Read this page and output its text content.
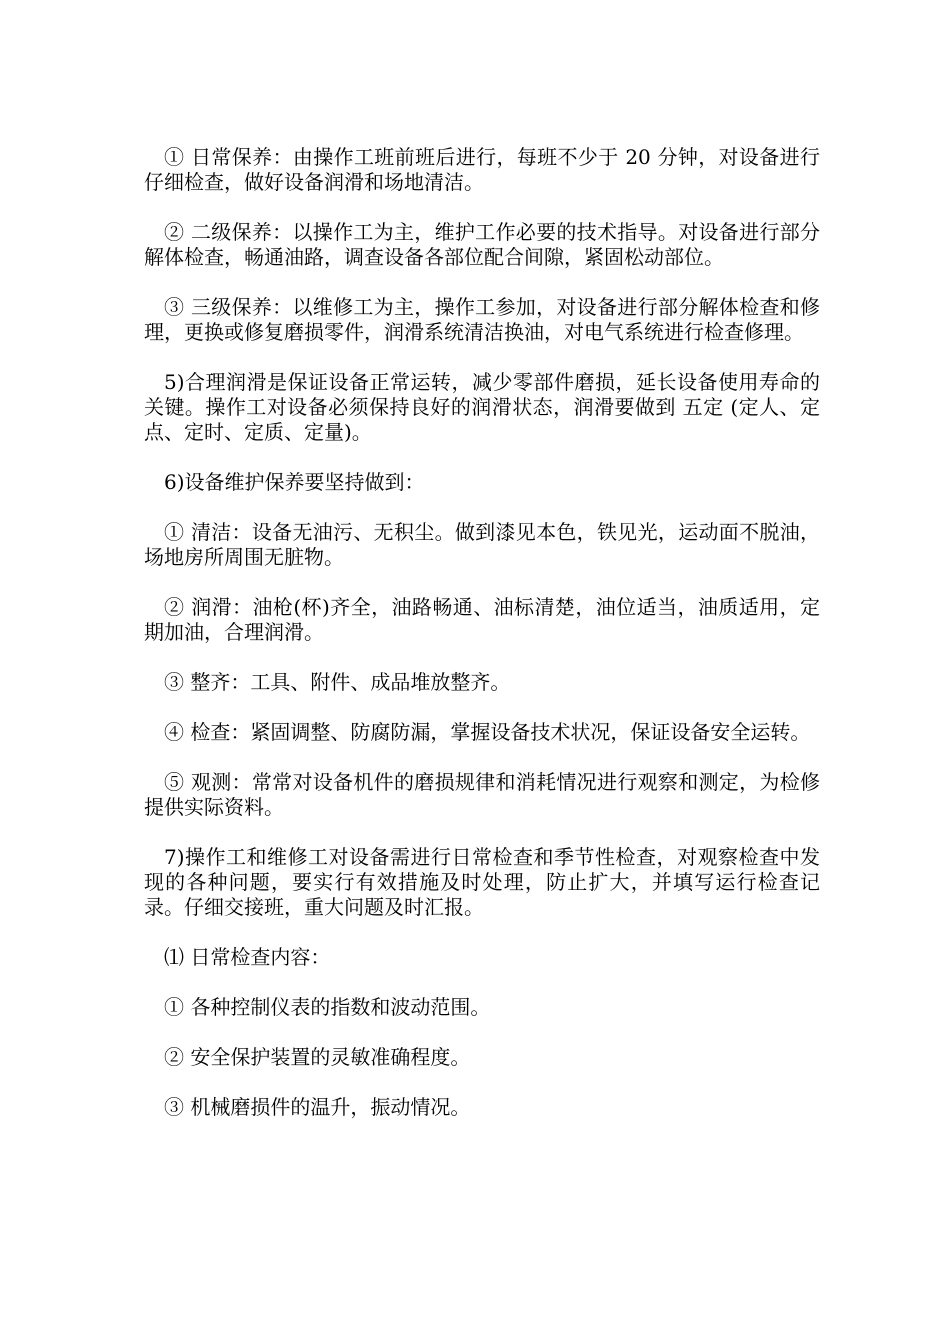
① 日常保养：由操作工班前班后进行，每班不少于 20 分钟，对设备进行仔细检查，做好设备润滑和场地清洁。

② 二级保养：以操作工为主，维护工作必要的技术指导。对设备进行部分解体检查，畅通油路，调查设备各部位配合间隙，紧固松动部位。

③ 三级保养：以维修工为主，操作工参加，对设备进行部分解体检查和修理，更换或修复磨损零件，润滑系统清洁换油，对电气系统进行检查修理。

5)合理润滑是保证设备正常运转，减少零部件磨损，延长设备使用寿命的关键。操作工对设备必须保持良好的润滑状态，润滑要做到 五定 (定人、定点、定时、定质、定量)。

6)设备维护保养要坚持做到：

① 清洁：设备无油污、无积尘。做到漆见本色，铁见光，运动面不脱油，场地房所周围无脏物。

② 润滑：油枪(杯)齐全，油路畅通、油标清楚，油位适当，油质适用，定期加油，合理润滑。

③ 整齐：工具、附件、成品堆放整齐。

④ 检查：紧固调整、防腐防漏，掌握设备技术状况，保证设备安全运转。

⑤ 观测：常常对设备机件的磨损规律和消耗情况进行观察和测定，为检修提供实际资料。

7)操作工和维修工对设备需进行日常检查和季节性检查，对观察检查中发现的各种问题，要实行有效措施及时处理，防止扩大，并填写运行检查记录。仔细交接班，重大问题及时汇报。

⑴ 日常检查内容：

① 各种控制仪表的指数和波动范围。

② 安全保护装置的灵敏准确程度。

③ 机械磨损件的温升，振动情况。
